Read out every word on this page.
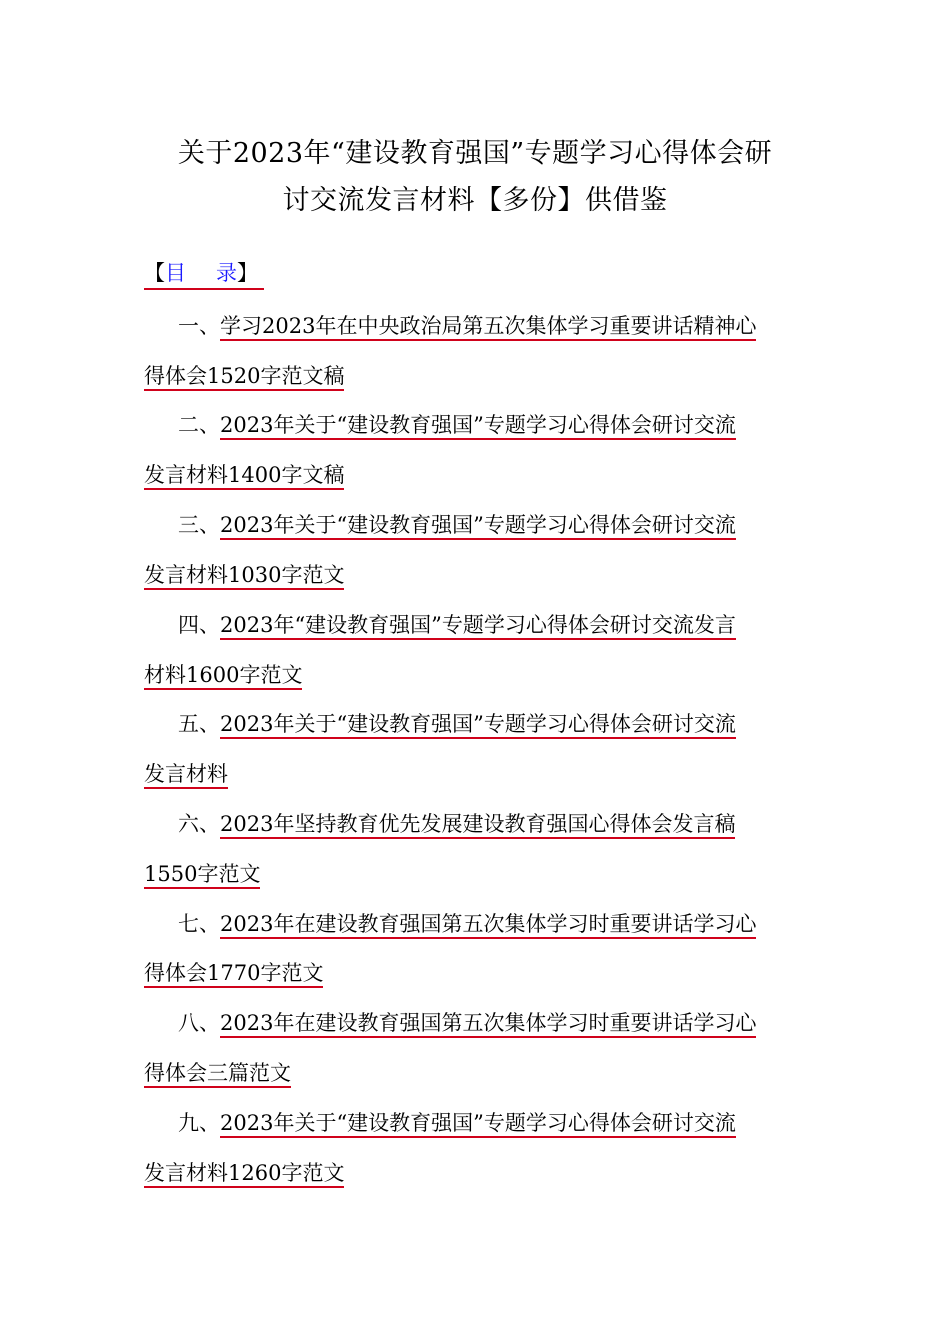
关于2023年“建设教育强国”专题学习心得体会研
讨交流发言材料【多份】供借鉴
【目 录】
一、学习2023年在中央政治局第五次集体学习重要讲话精神心
得体会1520字范文稿
二、2023年关于“建设教育强国”专题学习心得体会研讨交流
发言材料1400字文稿
三、2023年关于“建设教育强国”专题学习心得体会研讨交流
发言材料1030字范文
四、2023年“建设教育强国”专题学习心得体会研讨交流发言
材料1600字范文
五、2023年关于“建设教育强国”专题学习心得体会研讨交流
发言材料
六、2023年坚持教育优先发展建设教育强国心得体会发言稿
1550字范文
七、2023年在建设教育强国第五次集体学习时重要讲话学习心
得体会1770字范文
八、2023年在建设教育强国第五次集体学习时重要讲话学习心
得体会三篇范文
九、2023年关于“建设教育强国”专题学习心得体会研讨交流
发言材料1260字范文
